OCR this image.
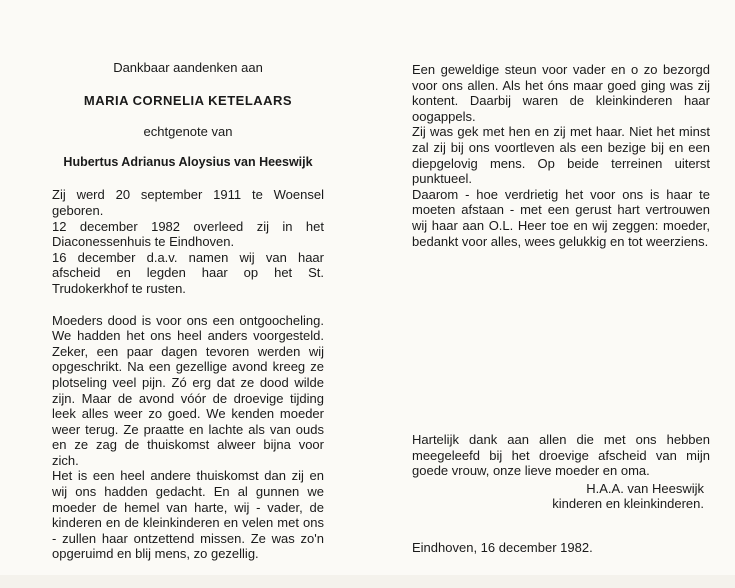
Dankbaar aandenken aan

MARIA CORNELIA KETELAARS

echtgenote van

Hubertus Adrianus Aloysius van Heeswijk

Zij werd 20 september 1911 te Woensel geboren.

12 december 1982 overleed zij in het Diaconessenhuis te Eindhoven.

16 december d.a.v. namen wij van haar afscheid en legden haar op het St. Trudokerkhof te rusten.

Moeders dood is voor ons een ontgoocheling. We hadden het ons heel anders voorgesteld. Zeker, een paar dagen tevoren werden wij opgeschrikt. Na een gezellige avond kreeg ze plotseling veel pijn. Zó erg dat ze dood wilde zijn. Maar de avond vóór de droevige tijding leek alles weer zo goed. We kenden moeder weer terug. Ze praatte en lachte als van ouds en ze zag de thuiskomst alweer bijna voor zich.

Het is een heel andere thuiskomst dan zij en wij ons hadden gedacht. En al gunnen we moeder de hemel van harte, wij - vader, de kinderen en de kleinkinderen en velen met ons - zullen haar ontzettend missen. Ze was zo'n opgeruimd en blij mens, zo gezellig.

Een geweldige steun voor vader en o zo bezorgd voor ons allen. Als het óns maar goed ging was zij kontent. Daarbij waren de kleinkinderen haar oogappels.

Zij was gek met hen en zij met haar. Niet het minst zal zij bij ons voortleven als een bezige bij en een diepgelovig mens. Op beide terreinen uiterst punktueel.

Daarom - hoe verdrietig het voor ons is haar te moeten afstaan - met een gerust hart vertrouwen wij haar aan O.L. Heer toe en wij zeggen: moeder, bedankt voor alles, wees gelukkig en tot weerziens.

Hartelijk dank aan allen die met ons hebben meegeleefd bij het droevige afscheid van mijn goede vrouw, onze lieve moeder en oma.

H.A.A. van Heeswijk

kinderen en kleinkinderen.

Eindhoven, 16 december 1982.
